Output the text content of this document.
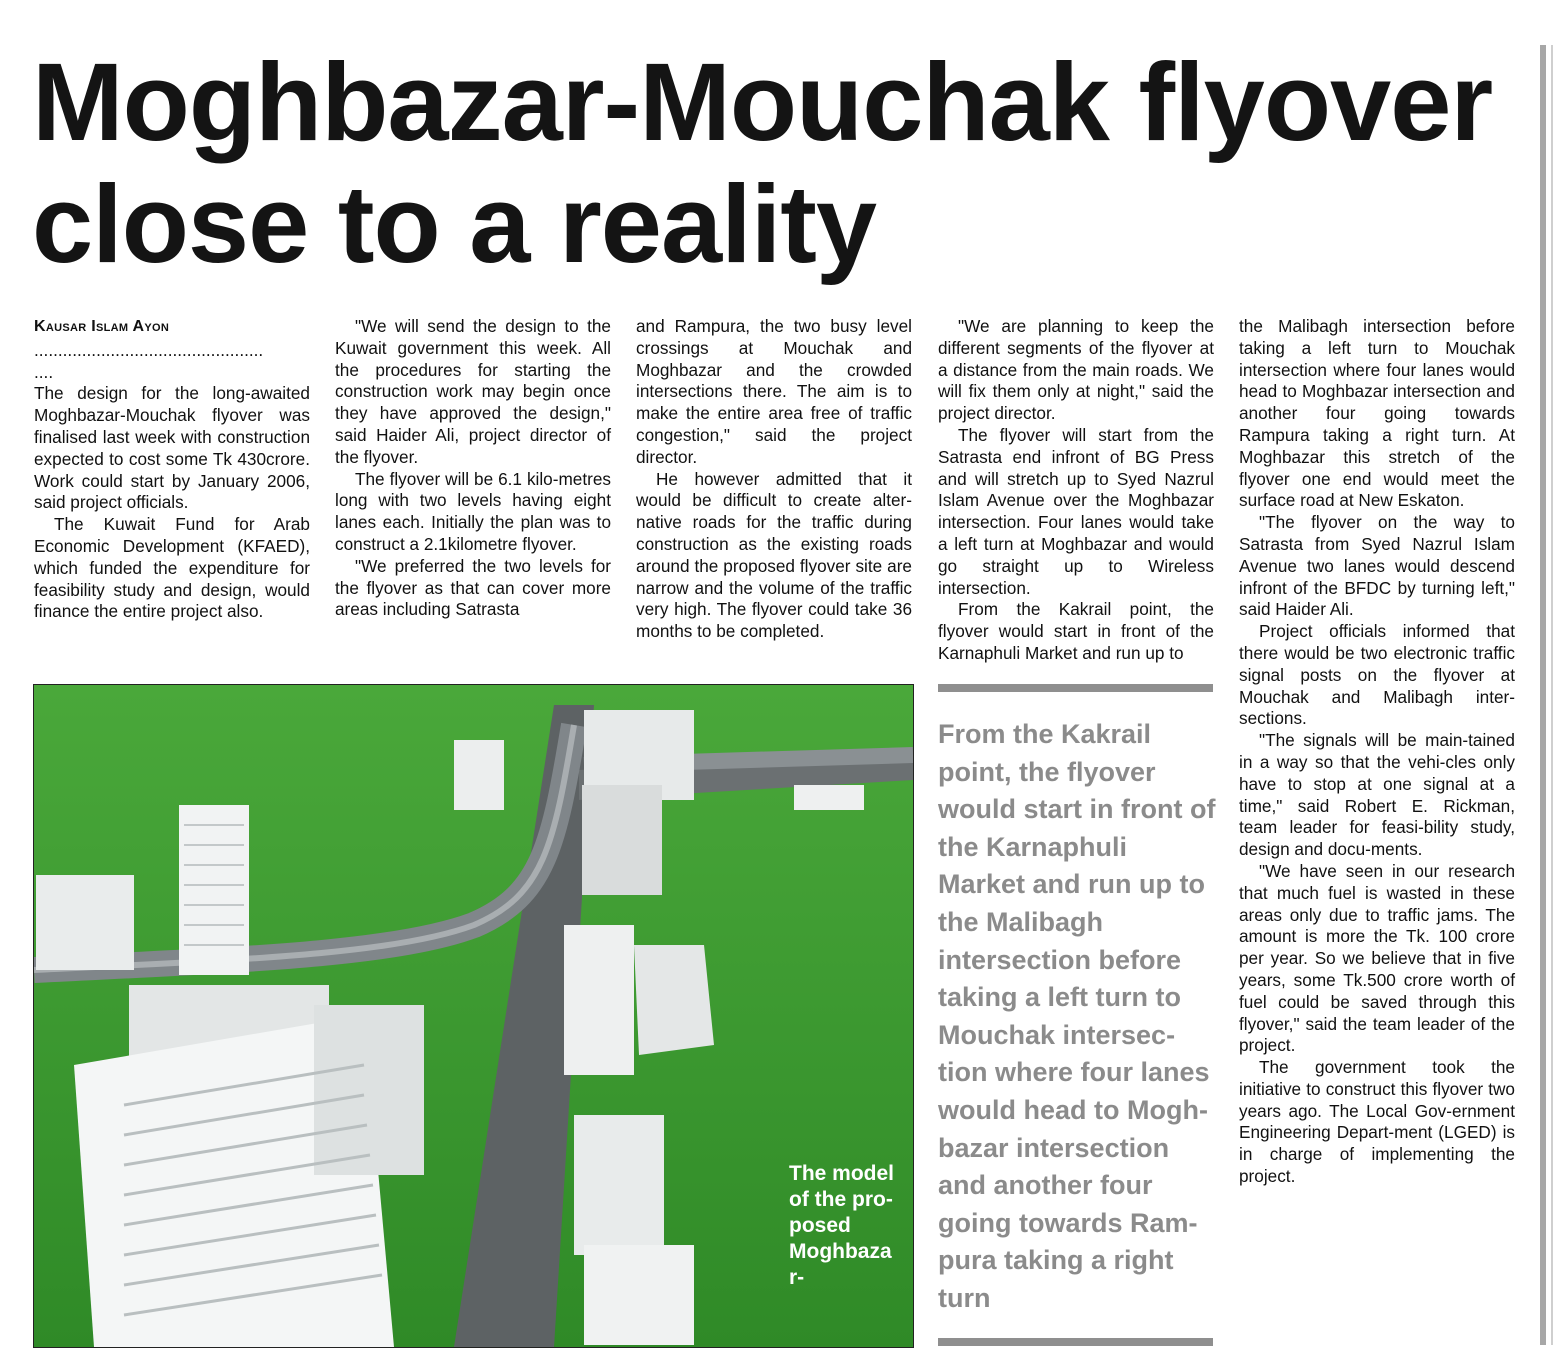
Moghbazar-Mouchak flyover
close to a reality
Kausar Islam Ayon

................................................

....

The design for the long-awaited Moghbazar-Mouchak flyover was finalised last week with construction expected to cost some Tk 430crore. Work could start by January 2006, said project officials.

The Kuwait Fund for Arab Economic Development (KFAED), which funded the expenditure for feasibility study and design, would finance the entire project also.

"We will send the design to the Kuwait government this week. All the procedures for starting the construction work may begin once they have approved the design," said Haider Ali, project director of the flyover.

The flyover will be 6.1 kilo-metres long with two levels having eight lanes each. Initially the plan was to construct a 2.1kilometre flyover.

"We preferred the two levels for the flyover as that can cover more areas including Satrasta

and Rampura, the two busy level crossings at Mouchak and Moghbazar and the crowded intersections there. The aim is to make the entire area free of traffic congestion," said the project director.

He however admitted that it would be difficult to create alter-native roads for the traffic during construction as the existing roads around the proposed flyover site are narrow and the volume of the traffic very high. The flyover could take 36 months to be completed.

"We are planning to keep the different segments of the flyover at a distance from the main roads. We will fix them only at night," said the project director.

The flyover will start from the Satrasta end infront of BG Press and will stretch up to Syed Nazrul Islam Avenue over the Moghbazar intersection. Four lanes would take a left turn at Moghbazar and would go straight up to Wireless intersection.

From the Kakrail point, the flyover would start in front of the Karnaphuli Market and run up to

the Malibagh intersection before taking a left turn to Mouchak intersection where four lanes would head to Moghbazar intersection and another four going towards Rampura taking a right turn. At Moghbazar this stretch of the flyover one end would meet the surface road at New Eskaton.

"The flyover on the way to Satrasta from Syed Nazrul Islam Avenue two lanes would descend infront of the BFDC by turning left," said Haider Ali.

Project officials informed that there would be two electronic traffic signal posts on the flyover at Mouchak and Malibagh inter-sections.

"The signals will be main-tained in a way so that the vehi-cles only have to stop at one signal at a time," said Robert E. Rickman, team leader for feasi-bility study, design and docu-ments.

"We have seen in our research that much fuel is wasted in these areas only due to traffic jams. The amount is more the Tk. 100 crore per year. So we believe that in five years, some Tk.500 crore worth of fuel could be saved through this flyover," said the team leader of the project.

The government took the initiative to construct this flyover two years ago. The Local Gov-ernment Engineering Depart-ment (LGED) is in charge of implementing the project.

The model of the pro-posed Moghbaza r-

From the Kakrail point, the flyover would start in front of the Karnaphuli Market and run up to the Malibagh intersection before taking a left turn to Mouchak intersec-tion where four lanes would head to Mogh-bazar intersection and another four going towards Ram-pura taking a right turn
